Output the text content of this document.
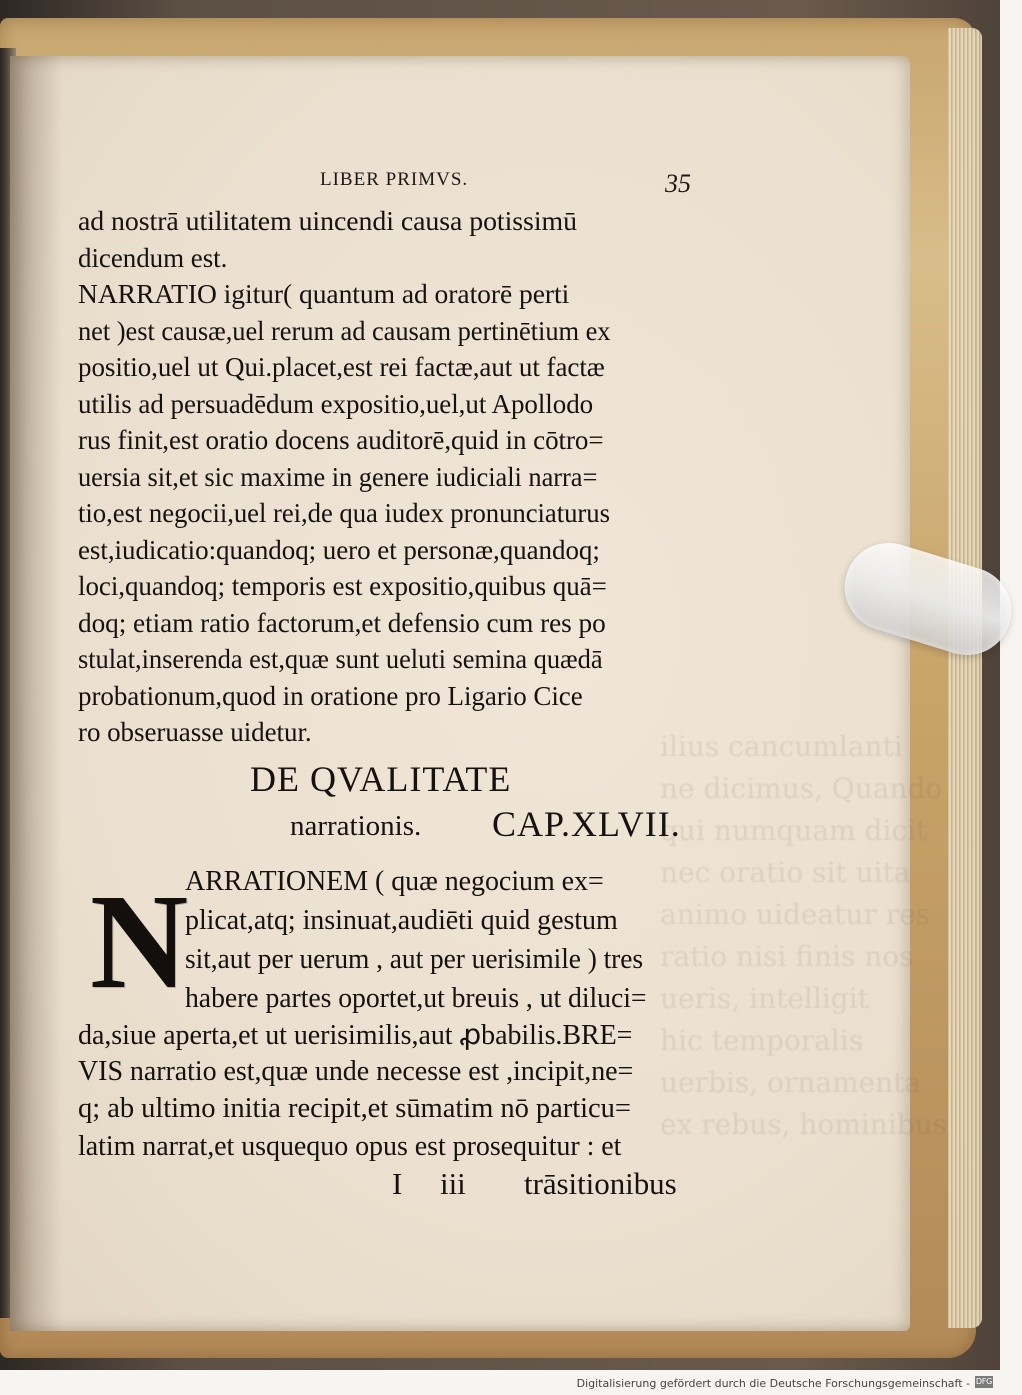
ilius cancumlanti
ne dicimus, Quando
qui numquam dicit
nec oratio sit uita
animo uideatur res
ratio nisi finis nos
ueris, intelligit
hic temporalis
uerbis, ornamenta
ex rebus, hominibus
LIBER PRIMVS.	35
ad nostrā utilitatem uincendi causa potissimū
dicendum est.
NARRATIO igitur( quantum ad oratorē perti
net )est causæ,uel rerum ad causam pertinētium ex
positio,uel ut Qui.placet,est rei factæ,aut ut factæ
utilis ad persuadēdum expositio,uel,ut Apollodo
rus finit,est oratio docens auditorē,quid in cōtro=
uersia sit,et sic maxime in genere iudiciali narra=
tio,est negocii,uel rei,de qua iudex pronunciaturus
est,iudicatio:quandoq; uero et personæ,quandoq;
loci,quandoq; temporis est expositio,quibus quā=
doq; etiam ratio factorum,et defensio cum res po
stulat,inserenda est,quæ sunt ueluti semina quædā
probationum,quod in oratione pro Ligario Cice
ro obseruasse uidetur.
DE QVALITATE
narrationis. CAP.XLVII.
N
ARRATIONEM ( quæ negocium ex=
plicat,atq; insinuat,audiēti quid gestum
sit,aut per uerum , aut per uerisimile ) tres
habere partes oportet,ut breuis , ut diluci=
da,siue aperta,et ut uerisimilis,aut ꝓbabilis.BRE=
VIS narratio est,quæ unde necesse est ,incipit,ne=
q; ab ultimo initia recipit,et sūmatim nō particu=
latim narrat,et usquequo opus est prosequitur : et
I iii trāsitionibus
Digitalisierung gefördert durch die Deutsche Forschungsgemeinschaft - DFG
